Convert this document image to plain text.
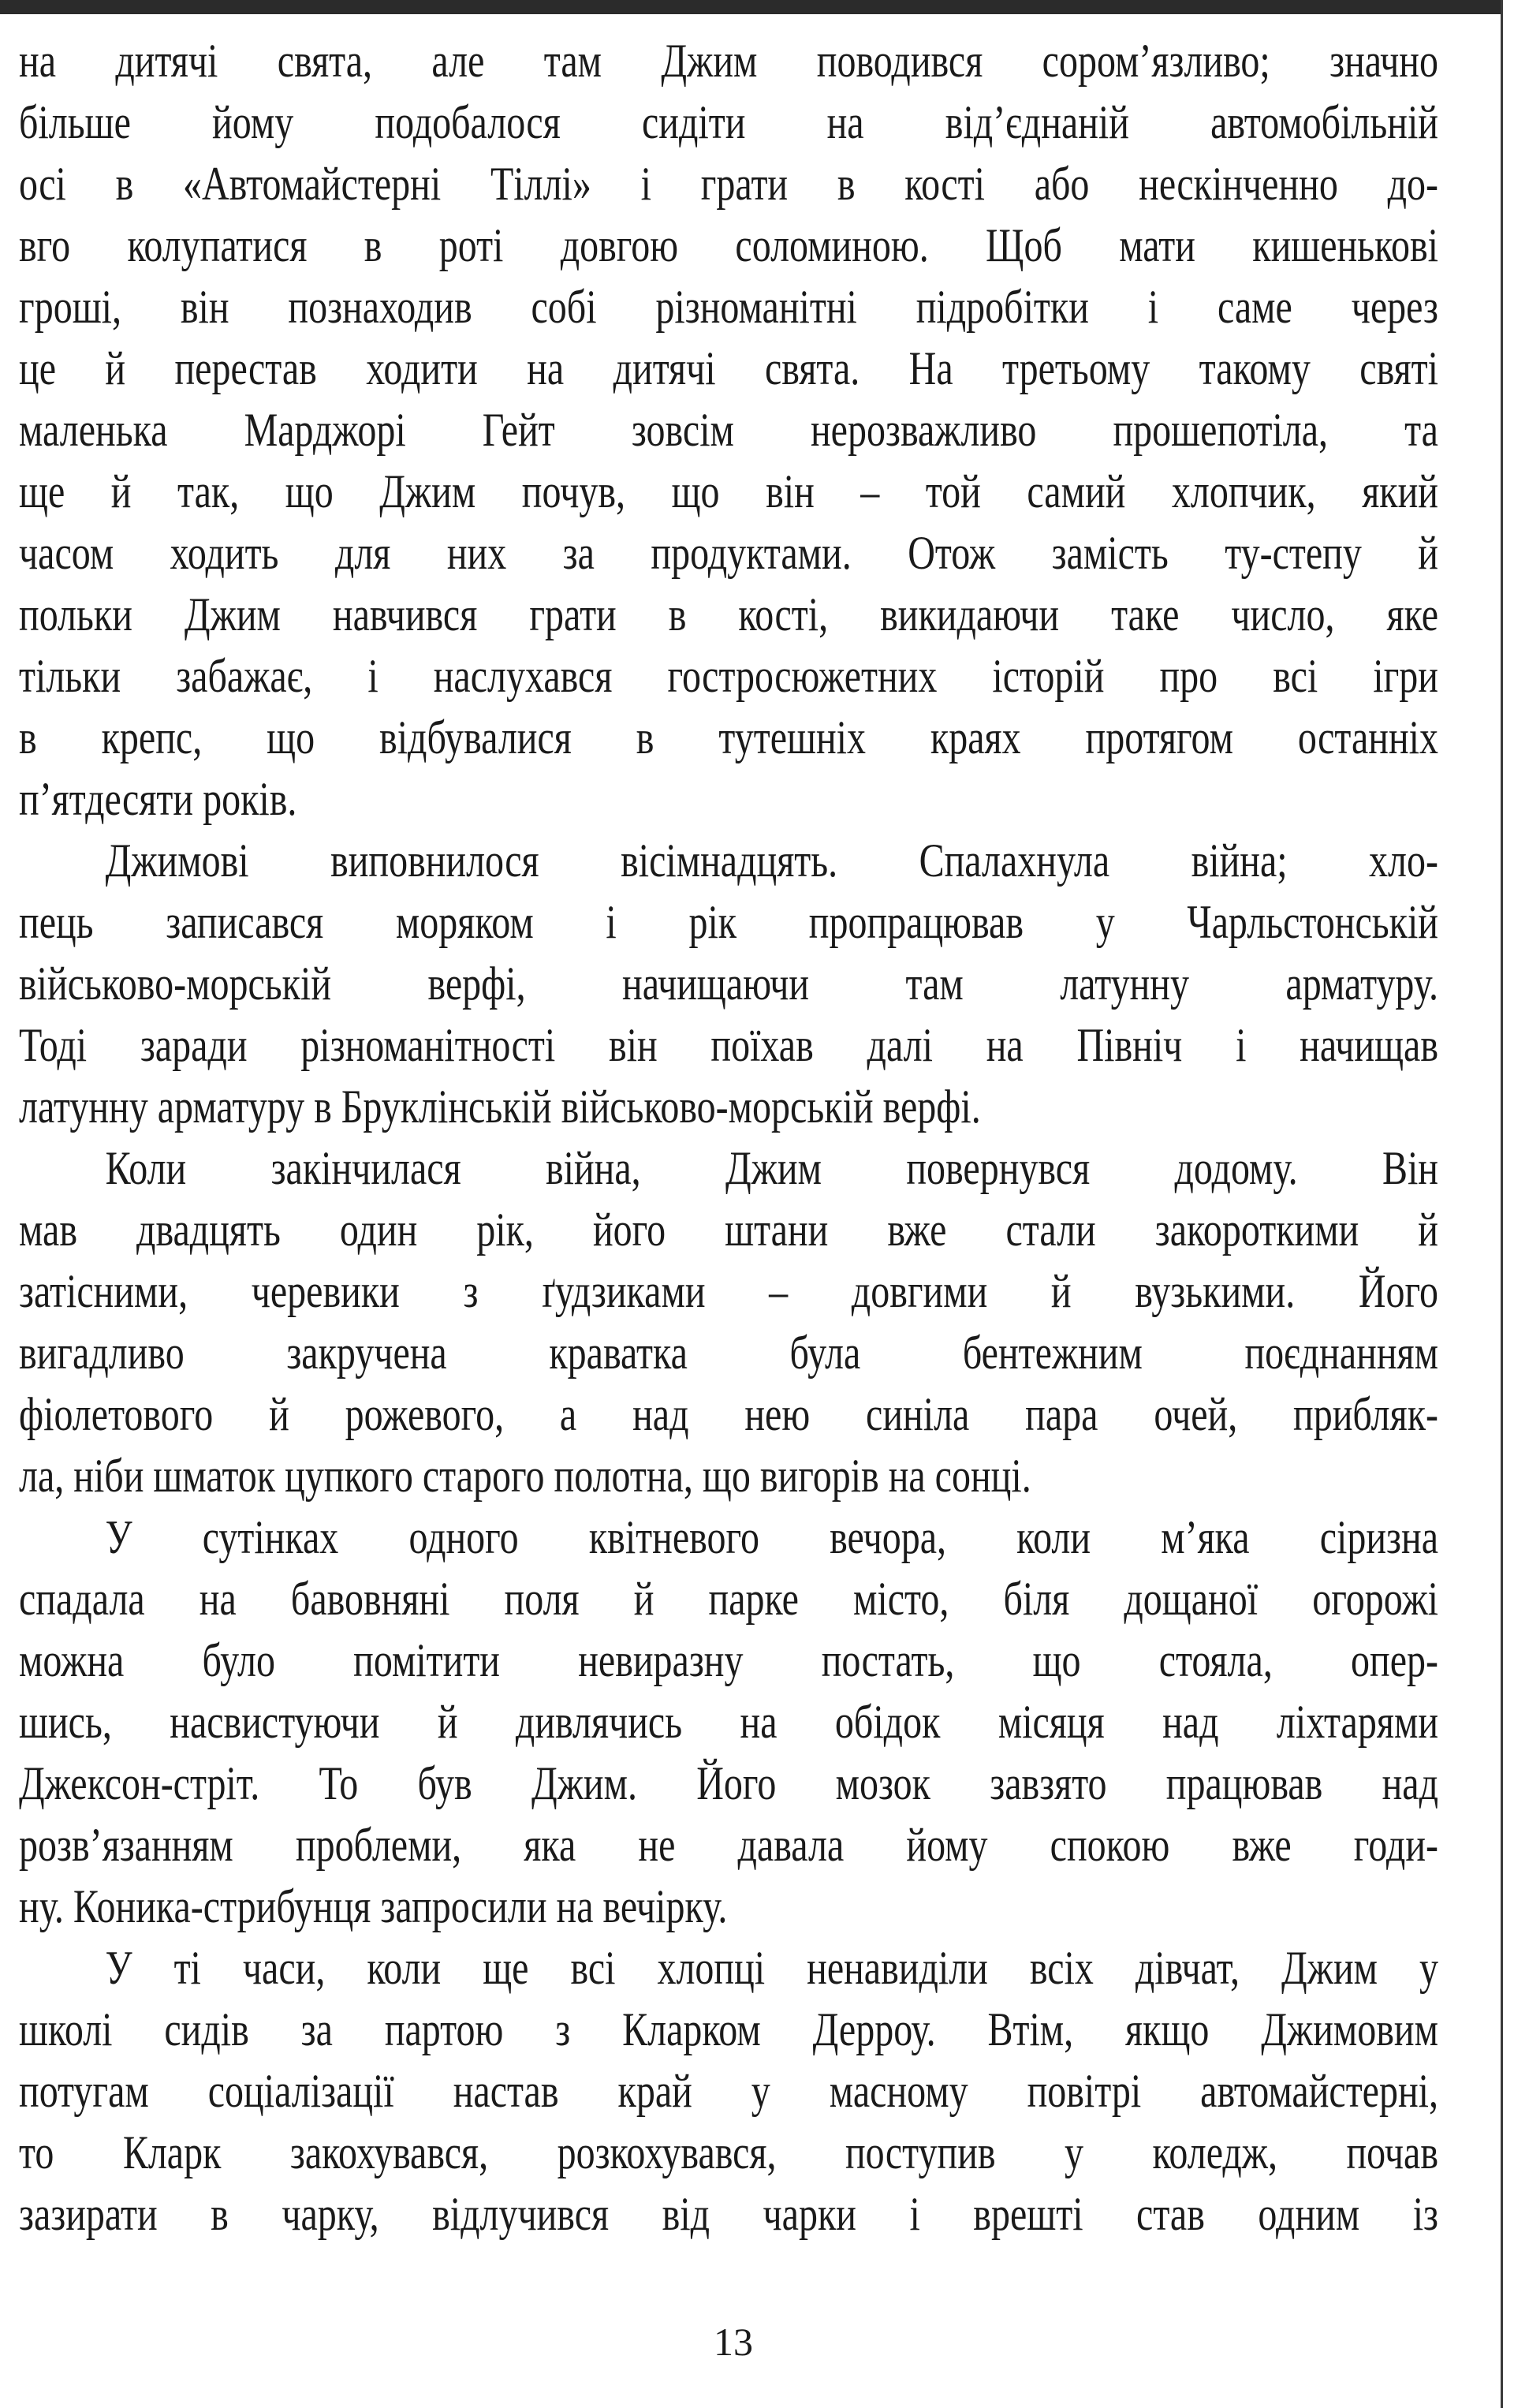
на дитячі свята, але там Джим поводився сором’язливо; значно
більше йому подобалося сидіти на від’єднаній автомобільній
осі в «Автомайстерні Тіллі» і грати в кості або нескінченно до-
вго колупатися в роті довгою соломиною. Щоб мати кишенькові
гроші, він познаходив собі різноманітні підробітки і саме через
це й перестав ходити на дитячі свята. На третьому такому святі
маленька Марджорі Гейт зовсім нерозважливо прошепотіла, та
ще й так, що Джим почув, що він – той самий хлопчик, який
часом ходить для них за продуктами. Отож замість ту-степу й
польки Джим навчився грати в кості, викидаючи таке число, яке
тільки забажає, і наслухався гостросюжетних історій про всі ігри
в крепс, що відбувалися в тутешніх краях протягом останніх
п’ятдесяти років.
Джимові виповнилося вісімнадцять. Спалахнула війна; хло-
пець записався моряком і рік пропрацював у Чарльстонській
військово-морській верфі, начищаючи там латунну арматуру.
Тоді заради різноманітності він поїхав далі на Північ і начищав
латунну арматуру в Бруклінській військово-морській верфі.
Коли закінчилася війна, Джим повернувся додому. Він
мав двадцять один рік, його штани вже стали закороткими й
затісними, черевики з ґудзиками – довгими й вузькими. Його
вигадливо закручена краватка була бентежним поєднанням
фіолетового й рожевого, а над нею синіла пара очей, прибляк-
ла, ніби шматок цупкого старого полотна, що вигорів на сонці.
У сутінках одного квітневого вечора, коли м’яка сіризна
спадала на бавовняні поля й парке місто, біля дощаної огорожі
можна було помітити невиразну постать, що стояла, опер-
шись, насвистуючи й дивлячись на обідок місяця над ліхтарями
Джексон-стріт. То був Джим. Його мозок завзято працював над
розв’язанням проблеми, яка не давала йому спокою вже годи-
ну. Коника-стрибунця запросили на вечірку.
У ті часи, коли ще всі хлопці ненавиділи всіх дівчат, Джим у
школі сидів за партою з Кларком Дерроу. Втім, якщо Джимовим
потугам соціалізації настав край у масному повітрі автомайстерні,
то Кларк закохувався, розкохувався, поступив у коледж, почав
зазирати в чарку, відлучився від чарки і врешті став одним із
13
